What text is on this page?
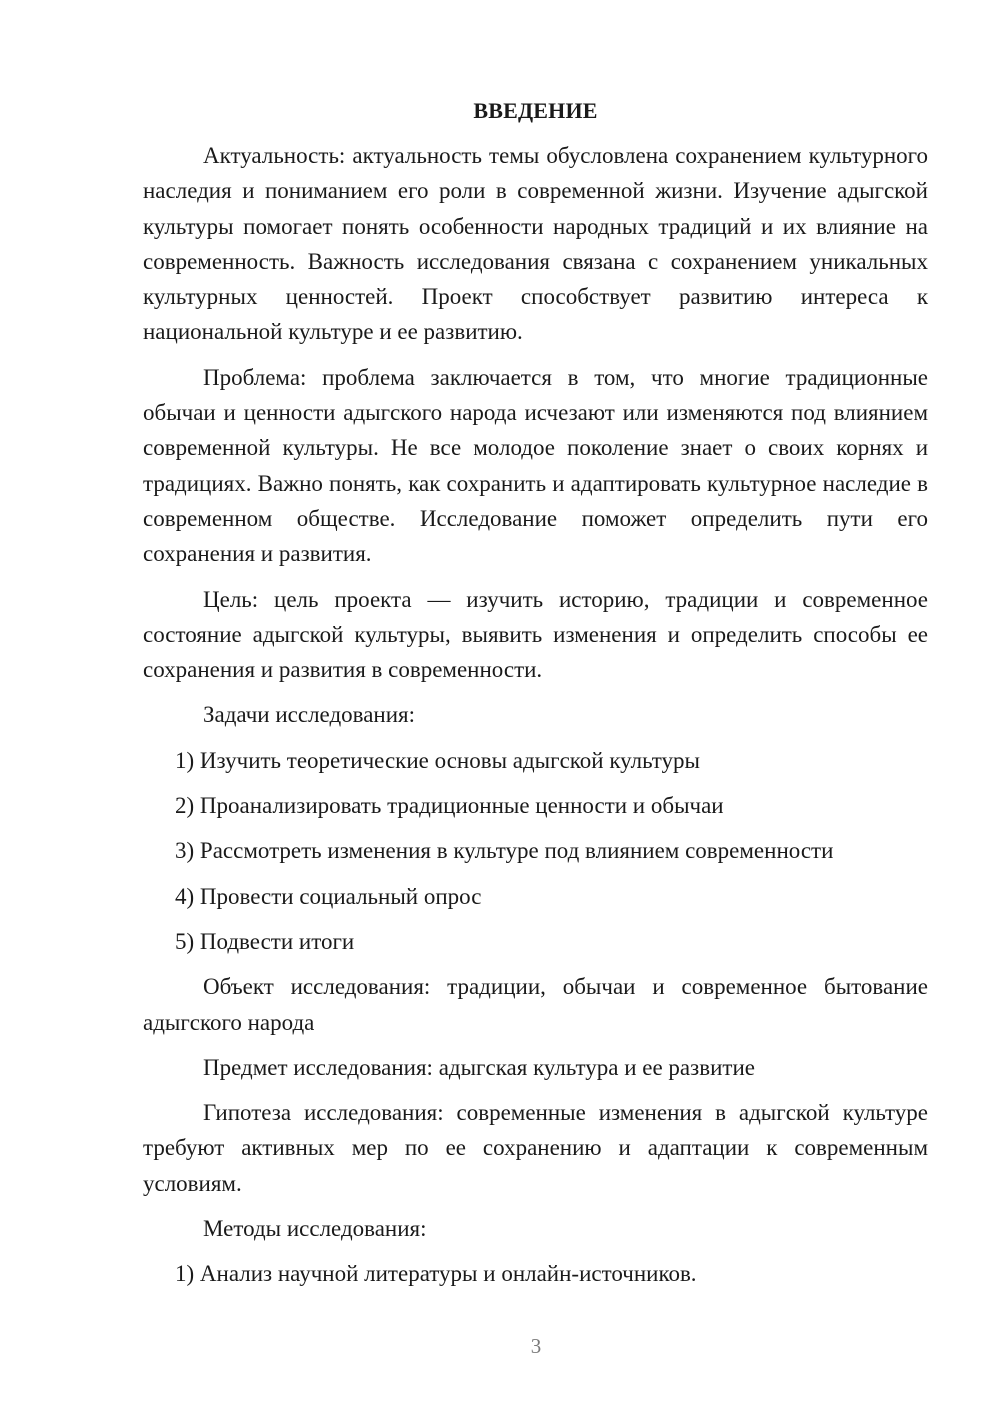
ВВЕДЕНИЕ

Актуальность: актуальность темы обусловлена сохранением культурного наследия и пониманием его роли в современной жизни. Изучение адыгской культуры помогает понять особенности народных традиций и их влияние на современность. Важность исследования связана с сохранением уникальных культурных ценностей. Проект способствует развитию интереса к национальной культуре и ее развитию.

Проблема: проблема заключается в том, что многие традиционные обычаи и ценности адыгского народа исчезают или изменяются под влиянием современной культуры. Не все молодое поколение знает о своих корнях и традициях. Важно понять, как сохранить и адаптировать культурное наследие в современном обществе. Исследование поможет определить пути его сохранения и развития.

Цель: цель проекта — изучить историю, традиции и современное состояние адыгской культуры, выявить изменения и определить способы ее сохранения и развития в современности.

Задачи исследования:

1) Изучить теоретические основы адыгской культуры
2) Проанализировать традиционные ценности и обычаи
3) Рассмотреть изменения в культуре под влиянием современности
4) Провести социальный опрос
5) Подвести итоги

Объект исследования: традиции, обычаи и современное бытование адыгского народа

Предмет исследования: адыгская культура и ее развитие

Гипотеза исследования: современные изменения в адыгской культуре требуют активных мер по ее сохранению и адаптации к современным условиям.

Методы исследования:

1) Анализ научной литературы и онлайн-источников.
3
